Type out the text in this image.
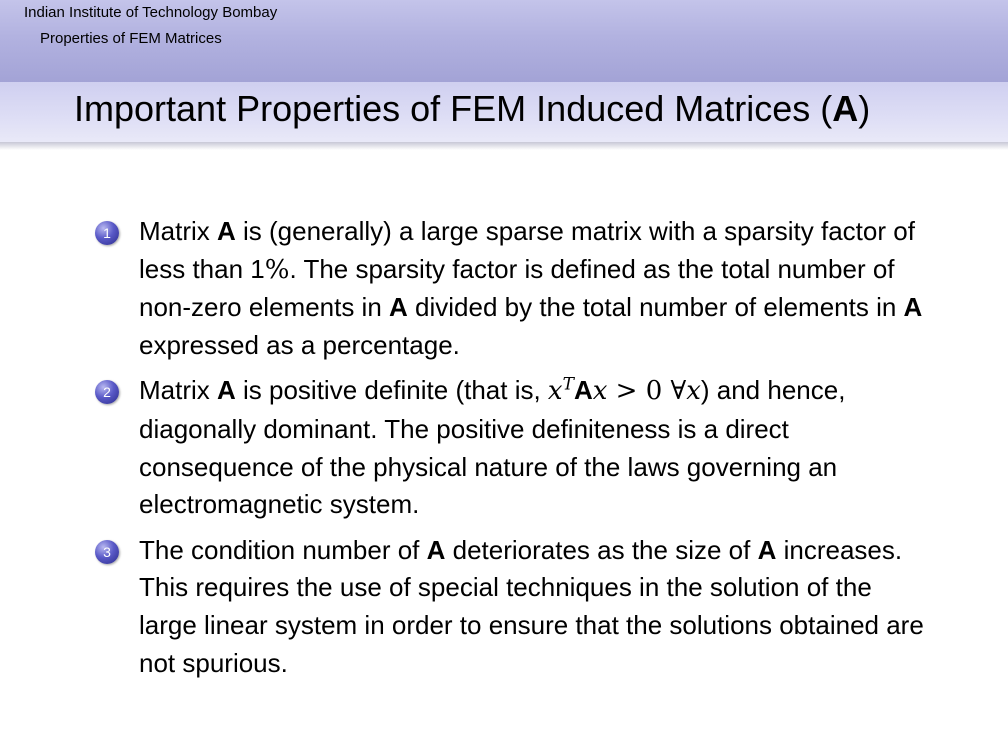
Indian Institute of Technology Bombay
Properties of FEM Matrices
Important Properties of FEM Induced Matrices (A)
1	Matrix A is (generally) a large sparse matrix with a sparsity factor of less than 1%. The sparsity factor is defined as the total number of non-zero elements in A divided by the total number of elements in A expressed as a percentage.
2	Matrix A is positive definite (that is, $x^TAx > 0$ ∀x) and hence, diagonally dominant. The positive definiteness is a direct consequence of the physical nature of the laws governing an electromagnetic system.
3	The condition number of A deteriorates as the size of A increases. This requires the use of special techniques in the solution of the large linear system in order to ensure that the solutions obtained are not spurious.
